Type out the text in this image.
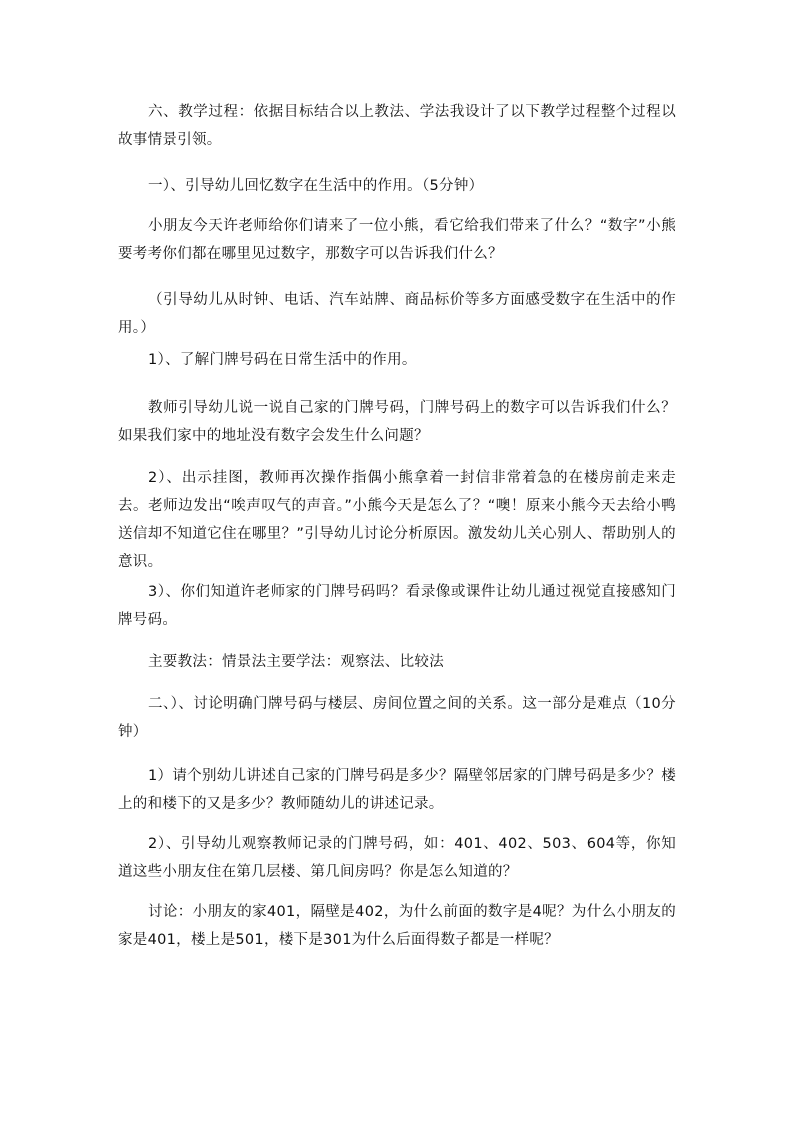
六、教学过程：依据目标结合以上教法、学法我设计了以下教学过程整个过程以故事情景引领。

一）、引导幼儿回忆数字在生活中的作用。（5分钟）

小朋友今天许老师给你们请来了一位小熊，看它给我们带来了什么？“数字”小熊要考考你们都在哪里见过数字，那数字可以告诉我们什么？

（引导幼儿从时钟、电话、汽车站牌、商品标价等多方面感受数字在生活中的作用。）

1）、了解门牌号码在日常生活中的作用。

教师引导幼儿说一说自己家的门牌号码，门牌号码上的数字可以告诉我们什么？如果我们家中的地址没有数字会发生什么问题？

2）、出示挂图，教师再次操作指偶小熊拿着一封信非常着急的在楼房前走来走去。老师边发出“唉声叹气的声音。”小熊今天是怎么了？“噢！原来小熊今天去给小鸭送信却不知道它住在哪里？”引导幼儿讨论分析原因。激发幼儿关心别人、帮助别人的意识。

3）、你们知道许老师家的门牌号码吗？看录像或课件让幼儿通过视觉直接感知门牌号码。

主要教法：情景法主要学法：观察法、比较法

二、）、讨论明确门牌号码与楼层、房间位置之间的关系。这一部分是难点（10分钟）

1）请个别幼儿讲述自己家的门牌号码是多少？隔壁邻居家的门牌号码是多少？楼上的和楼下的又是多少？教师随幼儿的讲述记录。

2）、引导幼儿观察教师记录的门牌号码，如：401、402、503、604等，你知道这些小朋友住在第几层楼、第几间房吗？你是怎么知道的？

讨论：小朋友的家401，隔壁是402，为什么前面的数字是4呢？为什么小朋友的家是401，楼上是501，楼下是301为什么后面得数子都是一样呢？
